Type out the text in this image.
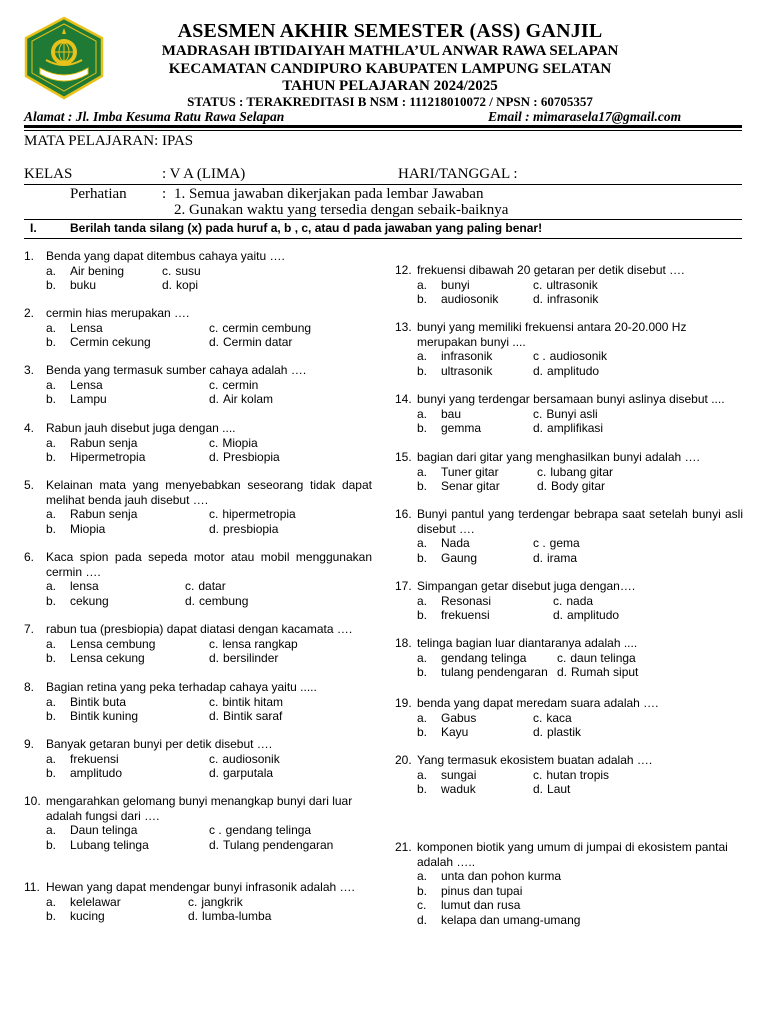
ASESMEN AKHIR SEMESTER (ASS) GANJIL
MADRASAH IBTIDAIYAH MATHLA’UL ANWAR RAWA SELAPAN
KECAMATAN CANDIPURO KABUPATEN LAMPUNG SELATAN
TAHUN PELAJARAN 2024/2025
STATUS : TERAKREDITASI B NSM : 111218010072 / NPSN : 60705357
Alamat : Jl. Imba Kesuma Ratu Rawa Selapan	Email : mimarasela17@gmail.com
MATA PELAJARAN: IPAS
KELAS	: V A (LIMA)	HARI/TANGGAL :
Perhatian : 1. Semua jawaban dikerjakan pada lembar Jawaban
2. Gunakan waktu yang tersedia dengan sebaik-baiknya
I.	Berilah tanda silang (x) pada huruf a, b , c, atau d pada jawaban yang paling benar!
1. Benda yang dapat ditembus cahaya yaitu ….
a.	Air bening	c. susu
b.	buku	d. kopi
2. cermin hias merupakan ….
a.	Lensa	c. cermin cembung
b.	Cermin cekung	d. Cermin datar
3. Benda yang termasuk sumber cahaya adalah ….
a.	Lensa	c. cermin
b.	Lampu	d. Air kolam
4. Rabun jauh disebut juga dengan ....
a.	Rabun senja	c. Miopia
b.	Hipermetropia	d. Presbiopia
5. Kelainan mata yang menyebabkan seseorang tidak dapat melihat benda jauh disebut ….
a.	Rabun senja	c. hipermetropia
b.	Miopia	d. presbiopia
6. Kaca spion pada sepeda motor atau mobil menggunakan cermin ….
a.	lensa	c. datar
b.	cekung	d. cembung
7. rabun tua (presbiopia) dapat diatasi dengan kacamata ….
a.	Lensa cembung	c. lensa rangkap
b.	Lensa cekung	d. bersilinder
8. Bagian retina yang peka terhadap cahaya yaitu .....
a.	Bintik buta	c. bintik hitam
b.	Bintik kuning	d. Bintik saraf
9. Banyak getaran bunyi per detik disebut ….
a.	frekuensi	c. audiosonik
b.	amplitudo	d. garputala
10. mengarahkan gelomang bunyi menangkap bunyi dari luar adalah fungsi dari ….
a.	Daun telinga	c . gendang telinga
b.	Lubang telinga	d. Tulang pendengaran
11. Hewan yang dapat mendengar bunyi infrasonik adalah ….
a.	kelelawar	c. jangkrik
b.	kucing	d. lumba-lumba
12. frekuensi dibawah 20 getaran per detik disebut ….
a.	bunyi	c. ultrasonik
b.	audiosonik	d. infrasonik
13. bunyi yang memiliki frekuensi antara 20-20.000 Hz merupakan bunyi ....
a.	infrasonik	c . audiosonik
b.	ultrasonik	d. amplitudo
14. bunyi yang terdengar bersamaan bunyi aslinya disebut ....
a.	bau	c. Bunyi asli
b.	gemma	d. amplifikasi
15. bagian dari gitar yang menghasilkan bunyi adalah ….
a.	Tuner gitar	c. lubang gitar
b.	Senar gitar	d. Body gitar
16. Bunyi pantul yang terdengar bebrapa saat setelah bunyi asli disebut ….
a.	Nada	c . gema
b.	Gaung	d. irama
17. Simpangan getar disebut juga dengan….
a.	Resonasi	c. nada
b.	frekuensi	d. amplitudo
18. telinga bagian luar diantaranya adalah ....
a.	gendang telinga	c. daun telinga
b.	tulang pendengaran d. Rumah siput
19. benda yang dapat meredam suara adalah ….
a.	Gabus	c. kaca
b.	Kayu	d. plastik
20. Yang termasuk ekosistem buatan adalah ….
a.	sungai	c. hutan tropis
b.	waduk	d. Laut
21. komponen biotik yang umum di jumpai di ekosistem pantai adalah …..
a.	unta dan pohon kurma
b.	pinus dan tupai
c.	lumut dan rusa
d.	kelapa dan umang-umang
